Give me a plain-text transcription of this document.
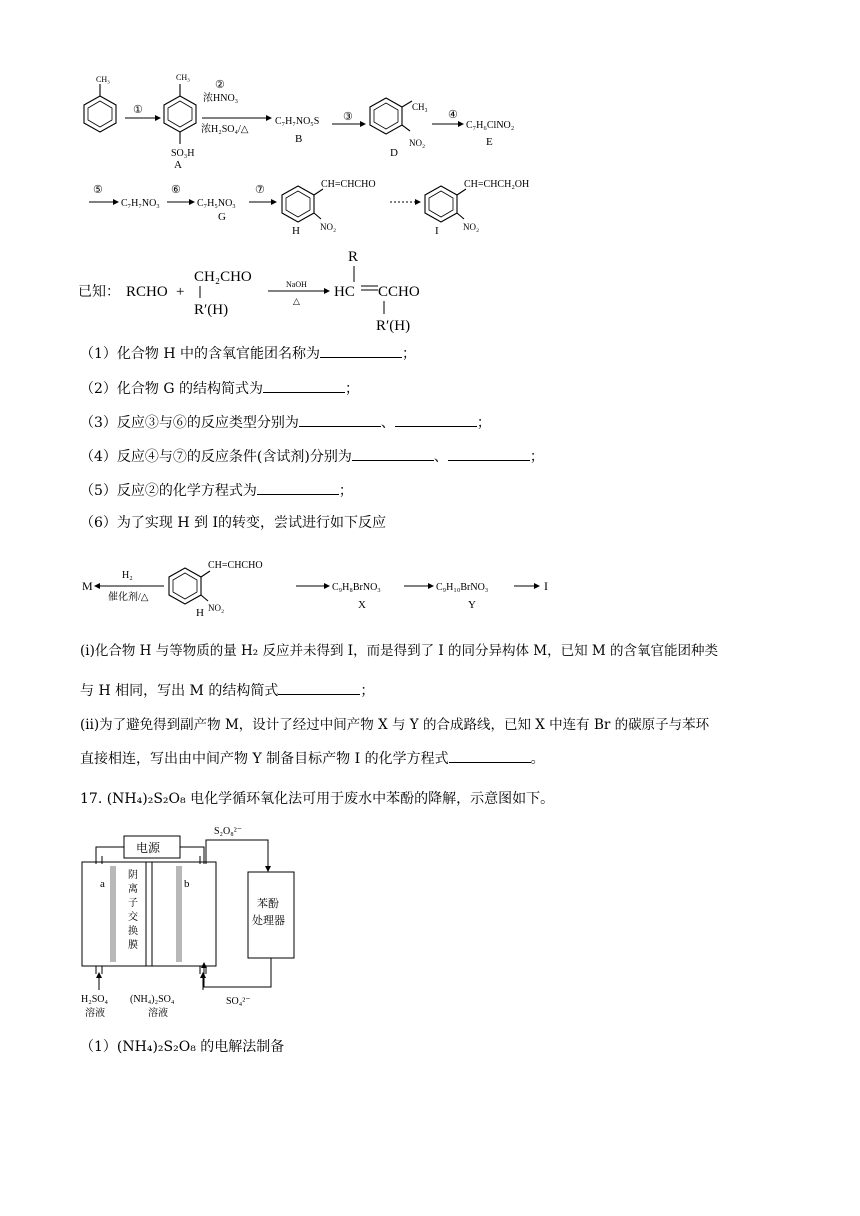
CH₃
①
CH₃
SO₃H
A
②
浓HNO₃
浓H₂SO₄/△
C₇H₇NO₅S
B
③
CH₃
NO₂
D
④
C₇H₆ClNO₂
E
⑤
C₇H₇NO₃
⑥
C₇H₅NO₃
G
⑦	CH=CHCHO
NO₂
H
CH=CHCH₂OH
NO₂
I
已知： RCHO +
CH₂CHO
R′(H)
NaOH
△
R
HC CCHO
R′(H)
（1）化合物 H 中的含氧官能团名称为	；
（2）化合物 G 的结构简式为	；
（3）反应③与⑥的反应类型分别为	、	；
（4）反应④与⑦的反应条件(含试剂)分别为	、	；
（5）反应②的化学方程式为	；
（6）为了实现 H 到 I的转变，尝试进行如下反应
M
H₂
催化剂/△
CH=CHCHO
NO₂
H
C₉H₈BrNO₃
X
C₉H₁₀BrNO₃
Y
I
(ⅰ)化合物 H 与等物质的量 H₂ 反应并未得到 I，而是得到了 I 的同分异构体 M，已知 M 的含氧官能团种类
与 H 相同，写出 M 的结构简式	；
(ⅱ)为了避免得到副产物 M，设计了经过中间产物 X 与 Y 的合成路线，已知 X 中连有 Br 的碳原子与苯环
直接相连，写出由中间产物 Y 制备目标产物 I 的化学方程式	。
17. (NH₄)₂S₂O₈ 电化学循环氧化法可用于废水中苯酚的降解，示意图如下。
电源
a	b
阴
离
子
交
换
膜
S₂O₈²⁻
SO₄²⁻
苯酚
处理器
H₂SO₄
溶液
(NH₄)₂SO₄
溶液
（1）(NH₄)₂S₂O₈ 的电解法制备
